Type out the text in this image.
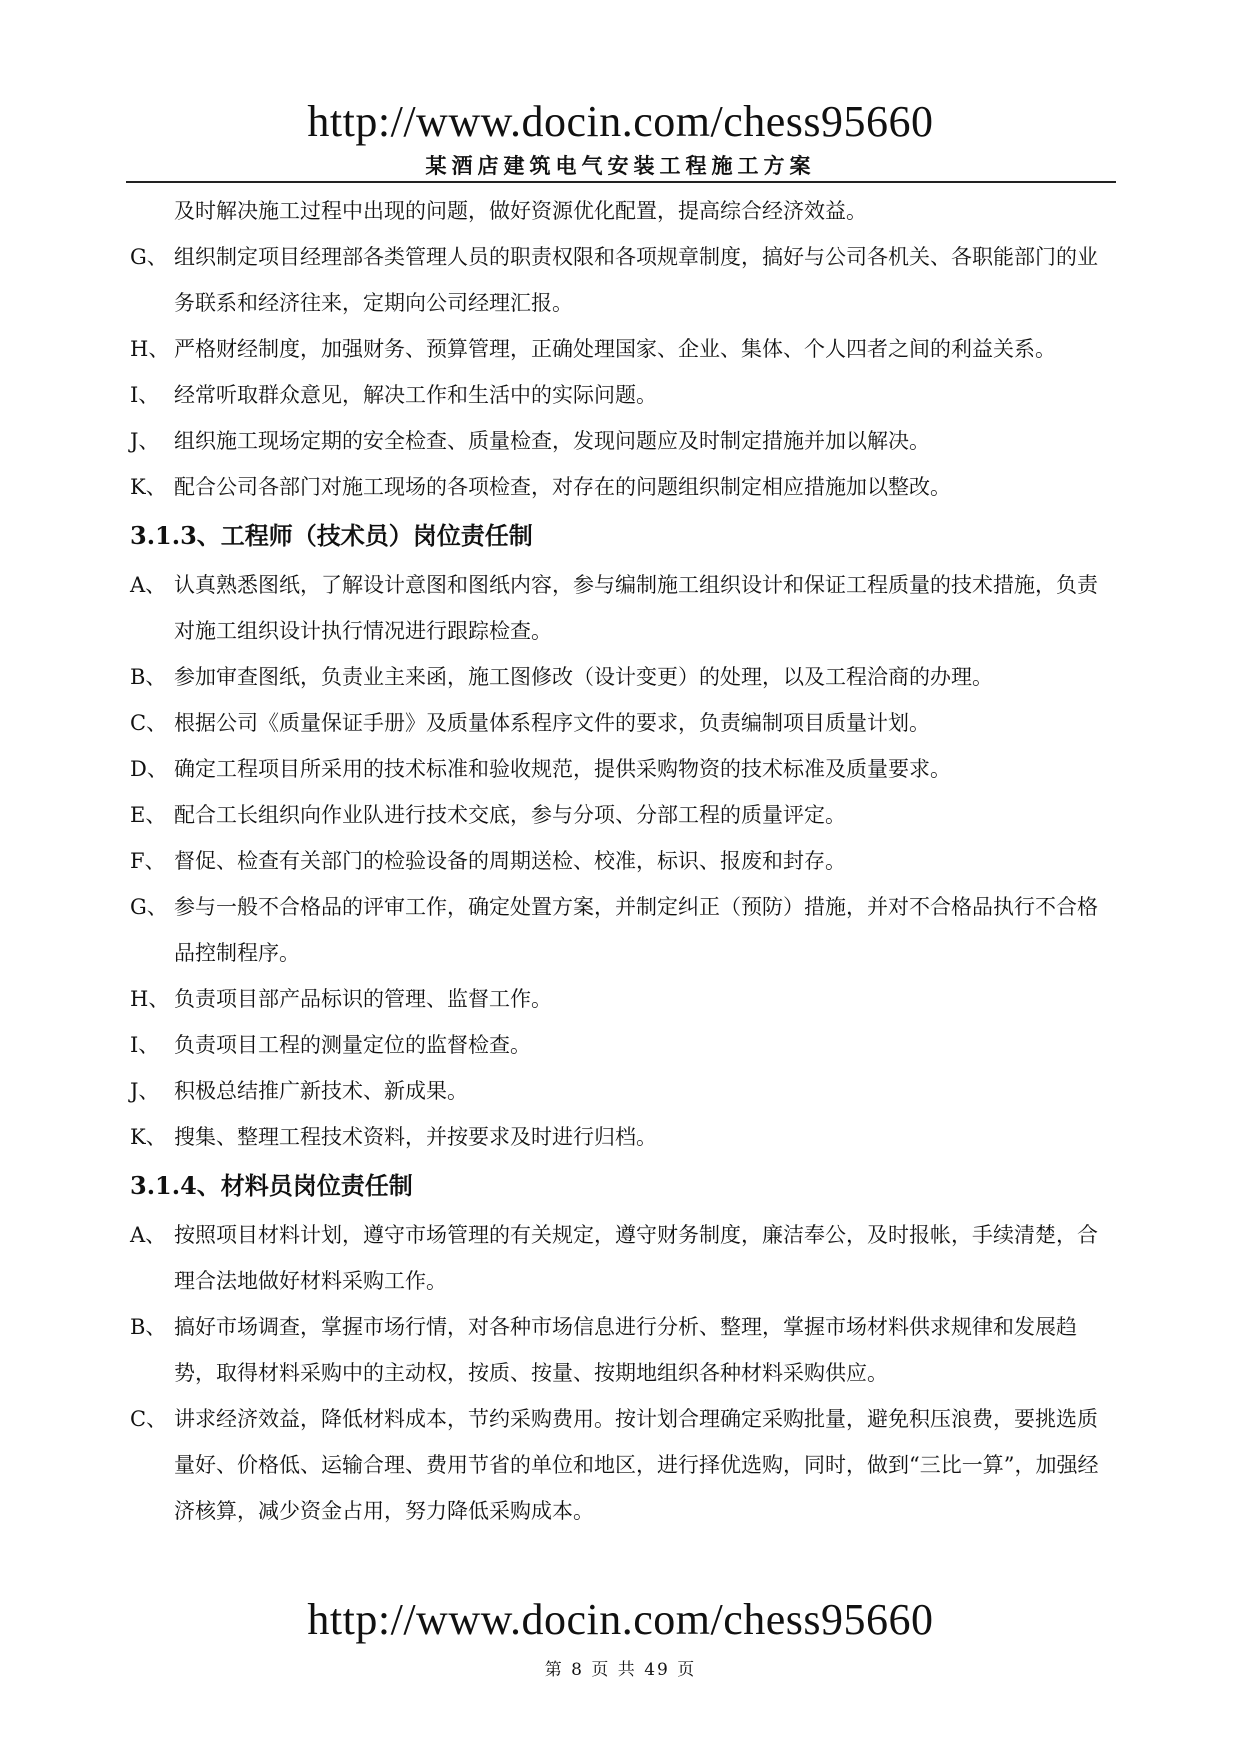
http://www.docin.com/chess95660
某酒店建筑电气安装工程施工方案
及时解决施工过程中出现的问题，做好资源优化配置，提高综合经济效益。
G、 组织制定项目经理部各类管理人员的职责权限和各项规章制度，搞好与公司各机关、各职能部门的业务联系和经济往来，定期向公司经理汇报。
H、 严格财经制度，加强财务、预算管理，正确处理国家、企业、集体、个人四者之间的利益关系。
I、 经常听取群众意见，解决工作和生活中的实际问题。
J、 组织施工现场定期的安全检查、质量检查，发现问题应及时制定措施并加以解决。
K、 配合公司各部门对施工现场的各项检查，对存在的问题组织制定相应措施加以整改。
3.1.3、工程师（技术员）岗位责任制
A、 认真熟悉图纸，了解设计意图和图纸内容，参与编制施工组织设计和保证工程质量的技术措施，负责对施工组织设计执行情况进行跟踪检查。
B、 参加审查图纸，负责业主来函，施工图修改（设计变更）的处理，以及工程洽商的办理。
C、 根据公司《质量保证手册》及质量体系程序文件的要求，负责编制项目质量计划。
D、 确定工程项目所采用的技术标准和验收规范，提供采购物资的技术标准及质量要求。
E、 配合工长组织向作业队进行技术交底，参与分项、分部工程的质量评定。
F、 督促、检查有关部门的检验设备的周期送检、校准，标识、报废和封存。
G、 参与一般不合格品的评审工作，确定处置方案，并制定纠正（预防）措施，并对不合格品执行不合格品控制程序。
H、 负责项目部产品标识的管理、监督工作。
I、 负责项目工程的测量定位的监督检查。
J、 积极总结推广新技术、新成果。
K、 搜集、整理工程技术资料，并按要求及时进行归档。
3.1.4、材料员岗位责任制
A、 按照项目材料计划，遵守市场管理的有关规定，遵守财务制度，廉洁奉公，及时报帐，手续清楚，合理合法地做好材料采购工作。
B、 搞好市场调查，掌握市场行情，对各种市场信息进行分析、整理，掌握市场材料供求规律和发展趋势，取得材料采购中的主动权，按质、按量、按期地组织各种材料采购供应。
C、 讲求经济效益，降低材料成本，节约采购费用。按计划合理确定采购批量，避免积压浪费，要挑选质量好、价格低、运输合理、费用节省的单位和地区，进行择优选购，同时，做到“三比一算”，加强经济核算，减少资金占用，努力降低采购成本。
http://www.docin.com/chess95660
第 8 页 共 49 页
